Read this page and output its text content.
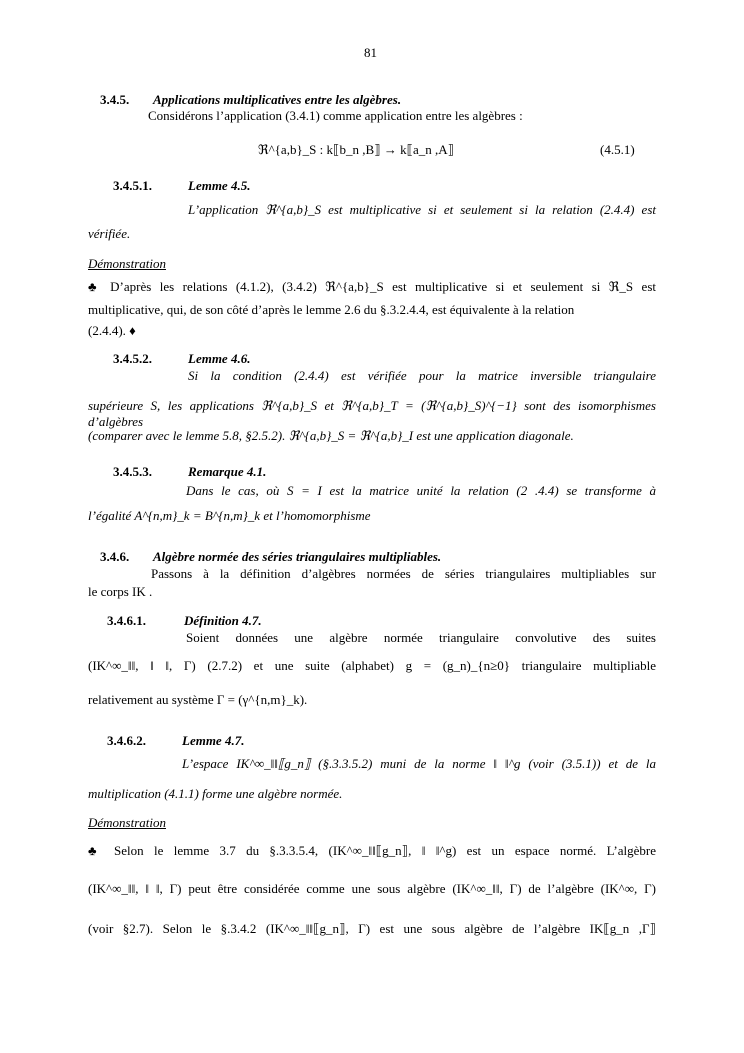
81
3.4.5. Applications multiplicatives entre les algèbres.
Considérons l’application (3.4.1) comme application entre les algèbres :
ℜ^{a,b}_S : k⟦b_n ,B⟧ → k⟦a_n ,A⟧	(4.5.1)
3.4.5.1.	Lemme 4.5.
L’application ℜ^{a,b}_S est multiplicative si et seulement si la relation (2.4.4) est
vérifiée.
Démonstration
♣ D’après les relations (4.1.2), (3.4.2) ℜ^{a,b}_S est multiplicative si et seulement si ℜ_S est
multiplicative, qui, de son côté d’après le lemme 2.6 du §.3.2.4.4, est équivalente à la relation
(2.4.4). ♦
3.4.5.2.	Lemme 4.6.
Si la condition (2.4.4) est vérifiée pour la matrice inversible triangulaire
supérieure S, les applications ℜ^{a,b}_S et ℜ^{a,b}_T = (ℜ^{a,b}_S)^{−1} sont des isomorphismes d’algèbres
(comparer avec le lemme 5.8, §2.5.2). ℜ^{a,b}_S = ℜ^{a,b}_I est une application diagonale.
3.4.5.3.	Remarque 4.1.
Dans le cas, où S = I est la matrice unité la relation (2 .4.4) se transforme à
l’égalité A^{n,m}_k = B^{n,m}_k et l’homomorphisme
3.4.6. Algèbre normée des séries triangulaires multipliables.
Passons à la définition d’algèbres normées de séries triangulaires multipliables sur
le corps IK .
3.4.6.1.	Définition 4.7.
Soient données une algèbre normée triangulaire convolutive des suites
(IK^∞_‖‖, ‖ ‖, Γ) (2.7.2) et une suite (alphabet) g = (g_n)_{n≥0} triangulaire multipliable
relativement au système Γ = (γ^{n,m}_k).
3.4.6.2.	Lemme 4.7.
L’espace IK^∞_‖‖⟦g_n⟧ (§.3.3.5.2) muni de la norme ‖ ‖^g (voir (3.5.1)) et de la
multiplication (4.1.1) forme une algèbre normée.
Démonstration
♣ Selon le lemme 3.7 du §.3.3.5.4, (IK^∞_‖‖⟦g_n⟧, ‖ ‖^g) est un espace normé. L’algèbre
(IK^∞_‖‖, ‖ ‖, Γ) peut être considérée comme une sous algèbre (IK^∞_‖‖, Γ) de l’algèbre (IK^∞, Γ)
(voir §2.7). Selon le §.3.4.2 (IK^∞_‖‖⟦g_n⟧, Γ) est une sous algèbre de l’algèbre IK⟦g_n ,Γ⟧
